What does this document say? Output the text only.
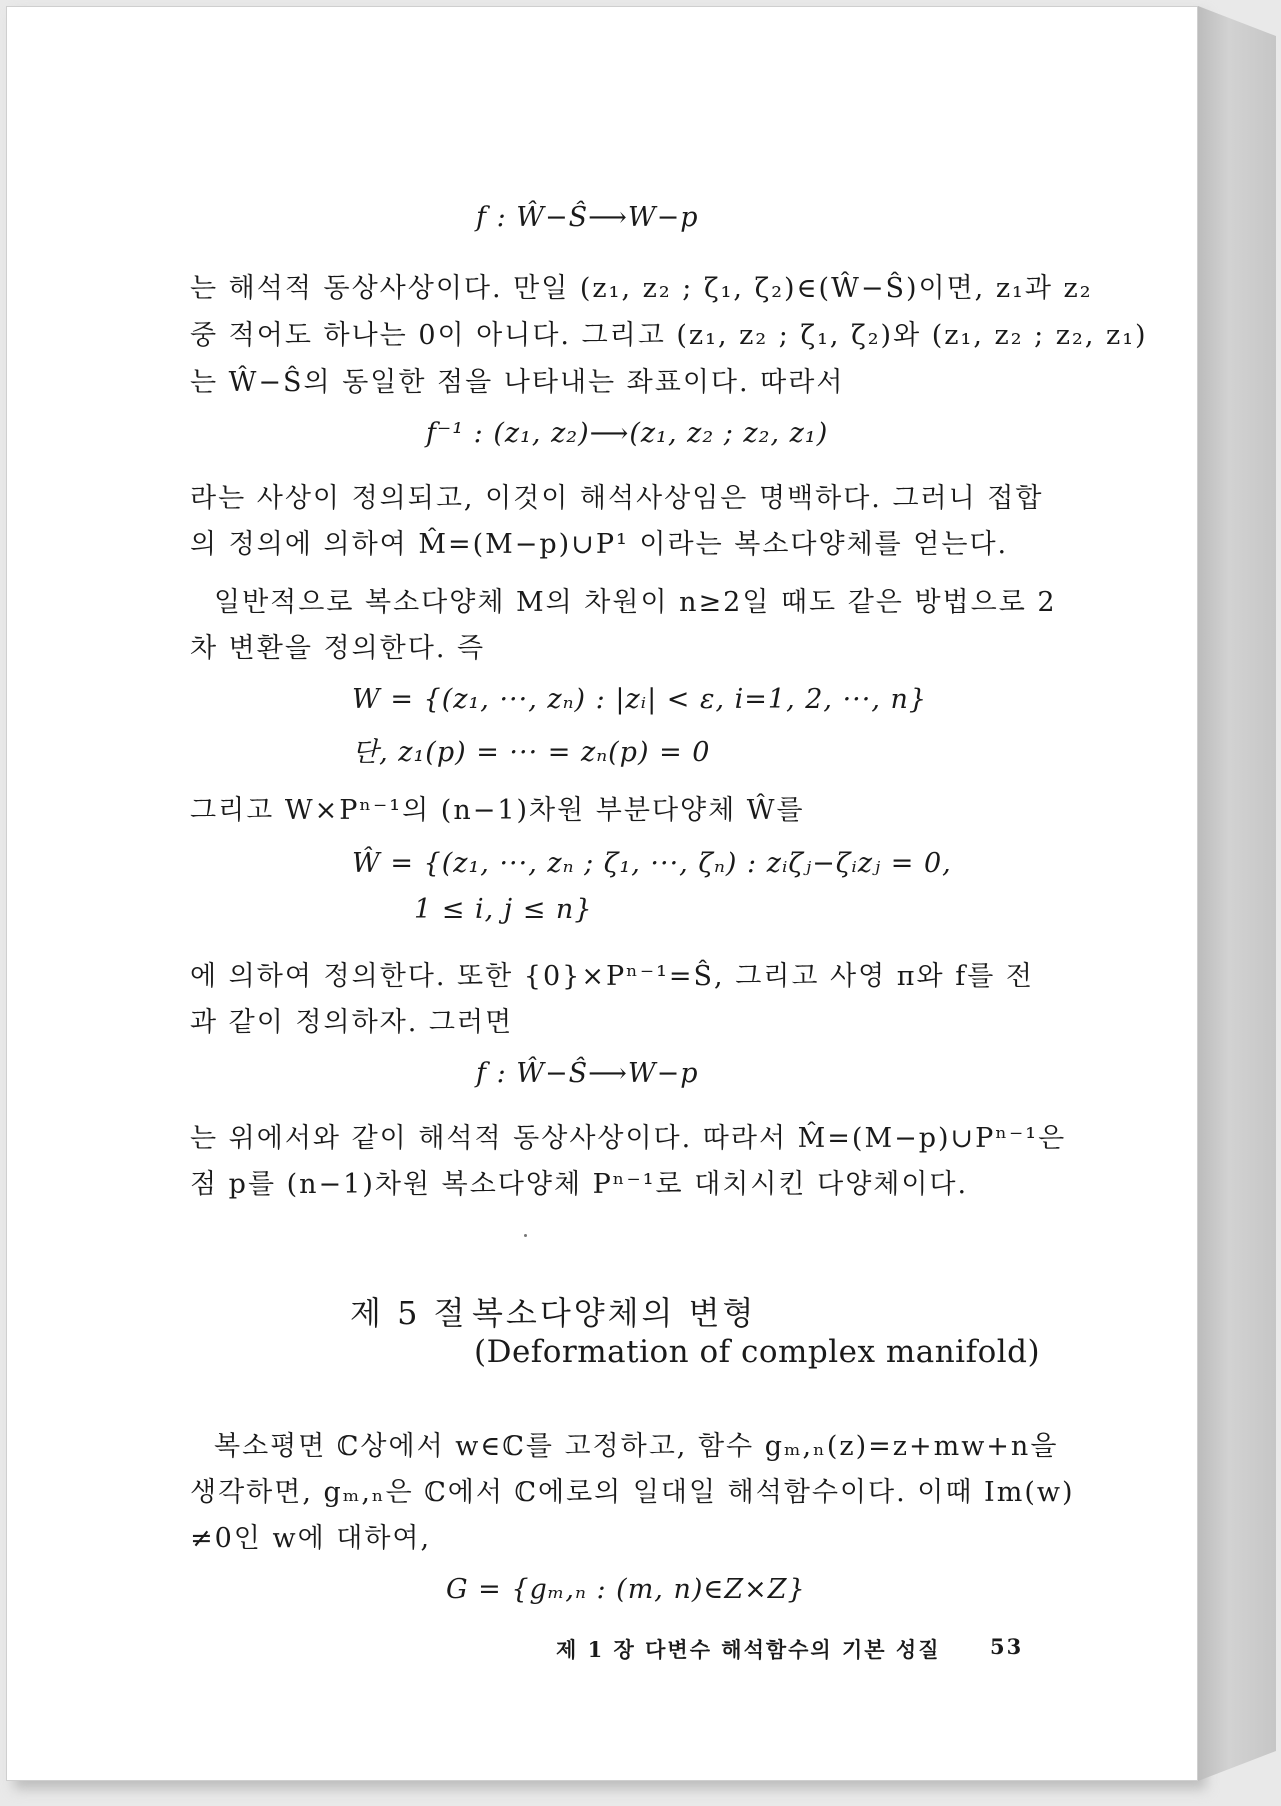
f : Ŵ−Ŝ⟶W−p

는 해석적 동상사상이다. 만일 (z₁, z₂ ; ζ₁, ζ₂)∈(Ŵ−Ŝ)이면, z₁과 z₂

중 적어도 하나는 0이 아니다. 그리고 (z₁, z₂ ; ζ₁, ζ₂)와 (z₁, z₂ ; z₂, z₁)

는 Ŵ−Ŝ의 동일한 점을 나타내는 좌표이다. 따라서

f⁻¹ : (z₁, z₂)⟶(z₁, z₂ ; z₂, z₁)

라는 사상이 정의되고, 이것이 해석사상임은 명백하다. 그러니 접합

의 정의에 의하여 M̂=(M−p)∪P¹ 이라는 복소다양체를 얻는다.

일반적으로 복소다양체 M의 차원이 n≥2일 때도 같은 방법으로 2

차 변환을 정의한다. 즉

W = {(z₁, ···, zₙ) : |zᵢ| < ε, i=1, 2, ···, n}

단, z₁(p) = ··· = zₙ(p) = 0

그리고 W×Pⁿ⁻¹의 (n−1)차원 부분다양체 Ŵ를

Ŵ = {(z₁, ···, zₙ ; ζ₁, ···, ζₙ) : zᵢζⱼ−ζᵢzⱼ = 0,

1 ≤ i, j ≤ n}

에 의하여 정의한다. 또한 {0}×Pⁿ⁻¹=Ŝ, 그리고 사영 π와 f를 전

과 같이 정의하자. 그러면

f : Ŵ−Ŝ⟶W−p

는 위에서와 같이 해석적 동상사상이다. 따라서 M̂=(M−p)∪Pⁿ⁻¹은

점 p를 (n−1)차원 복소다양체 Pⁿ⁻¹로 대치시킨 다양체이다.

제 5 절 복소다양체의 변형

(Deformation of complex manifold)

복소평면 ℂ상에서 w∈ℂ를 고정하고, 함수 gₘ,ₙ(z)=z+mw+n을

생각하면, gₘ,ₙ은 ℂ에서 ℂ에로의 일대일 해석함수이다. 이때 Im(w)

≠0인 w에 대하여,

G = {gₘ,ₙ : (m, n)∈Z×Z}

제 1 장 다변수 해석함수의 기본 성질 53
